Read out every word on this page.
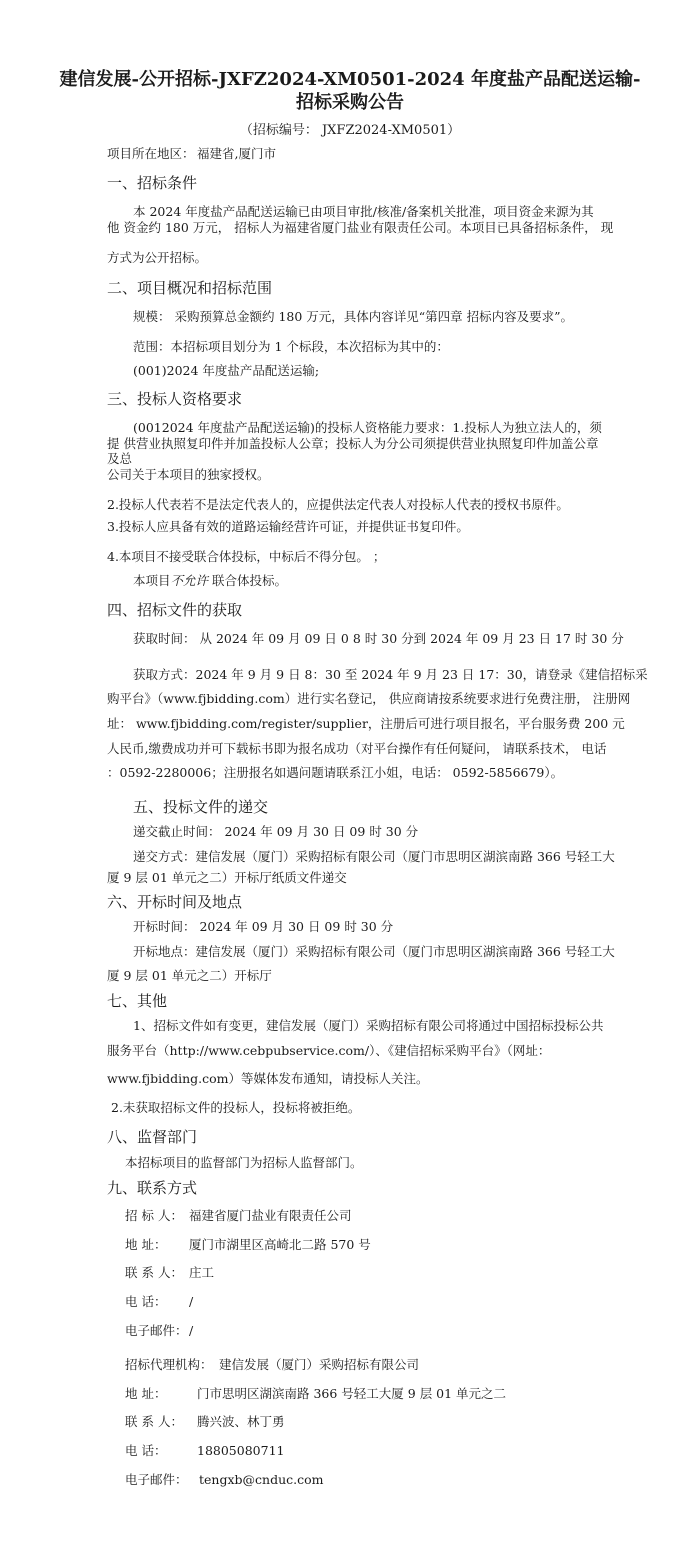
建信发展-公开招标-JXFZ2024-XM0501-2024 年度盐产品配送运输-
招标采购公告
（招标编号： JXFZ2024-XM0501）
项目所在地区： 福建省,厦门市
一、招标条件
本 2024 年度盐产品配送运输已由项目审批/核准/备案机关批准，项目资金来源为其
他 资金约 180 万元， 招标人为福建省厦门盐业有限责任公司。本项目已具备招标条件， 现
方式为公开招标。
二、项目概况和招标范围
规模： 采购预算总金额约 180 万元，具体内容详见“第四章 招标内容及要求”。
范围：本招标项目划分为 1 个标段，本次招标为其中的：
(001)2024 年度盐产品配送运输;
三、投标人资格要求
(0012024 年度盐产品配送运输)的投标人资格能力要求：1.投标人为独立法人的，须
提 供营业执照复印件并加盖投标人公章；投标人为分公司须提供营业执照复印件加盖公章
及总
公司关于本项目的独家授权。
2.投标人代表若不是法定代表人的，应提供法定代表人对投标人代表的授权书原件。
3.投标人应具备有效的道路运输经营许可证，并提供证书复印件。
4.本项目不接受联合体投标，中标后不得分包。 ；
本项目不允许 联合体投标。
四、招标文件的获取
获取时间： 从 2024 年 09 月 09 日 0 8 时 30 分到 2024 年 09 月 23 日 17 时 30 分
获取方式：2024 年 9 月 9 日 8：30 至 2024 年 9 月 23 日 17：30，请登录《建信招标采
购平台》（www.fjbidding.com）进行实名登记， 供应商请按系统要求进行免费注册， 注册网
址： www.fjbidding.com/register/supplier，注册后可进行项目报名，平台服务费 200 元
人民币,缴费成功并可下载标书即为报名成功（对平台操作有任何疑问， 请联系技术， 电话
：0592-2280006；注册报名如遇问题请联系江小姐，电话： 0592-5856679）。
五、投标文件的递交
递交截止时间： 2024 年 09 月 30 日 09 时 30 分
递交方式：建信发展（厦门）采购招标有限公司（厦门市思明区湖滨南路 366 号轻工大
厦 9 层 01 单元之二）开标厅纸质文件递交
六、开标时间及地点
开标时间： 2024 年 09 月 30 日 09 时 30 分
开标地点：建信发展（厦门）采购招标有限公司（厦门市思明区湖滨南路 366 号轻工大
厦 9 层 01 单元之二）开标厅
七、其他
1、招标文件如有变更，建信发展（厦门）采购招标有限公司将通过中国招标投标公共
服务平台（http://www.cebpubservice.com/）、《建信招标采购平台》（网址：
www.fjbidding.com）等媒体发布通知，请投标人关注。
2.未获取招标文件的投标人，投标将被拒绝。
八、监督部门
本招标项目的监督部门为招标人监督部门。
九、联系方式
招 标 人： 福建省厦门盐业有限责任公司
地 址： 厦门市湖里区高崎北二路 570 号
联 系 人： 庄工
电 话： /
电子邮件： /
招标代理机构： 建信发展（厦门）采购招标有限公司
地 址： 门市思明区湖滨南路 366 号轻工大厦 9 层 01 单元之二
联 系 人： 腾兴波、林丁勇
电 话： 18805080711
电子邮件： tengxb@cnduc.com
